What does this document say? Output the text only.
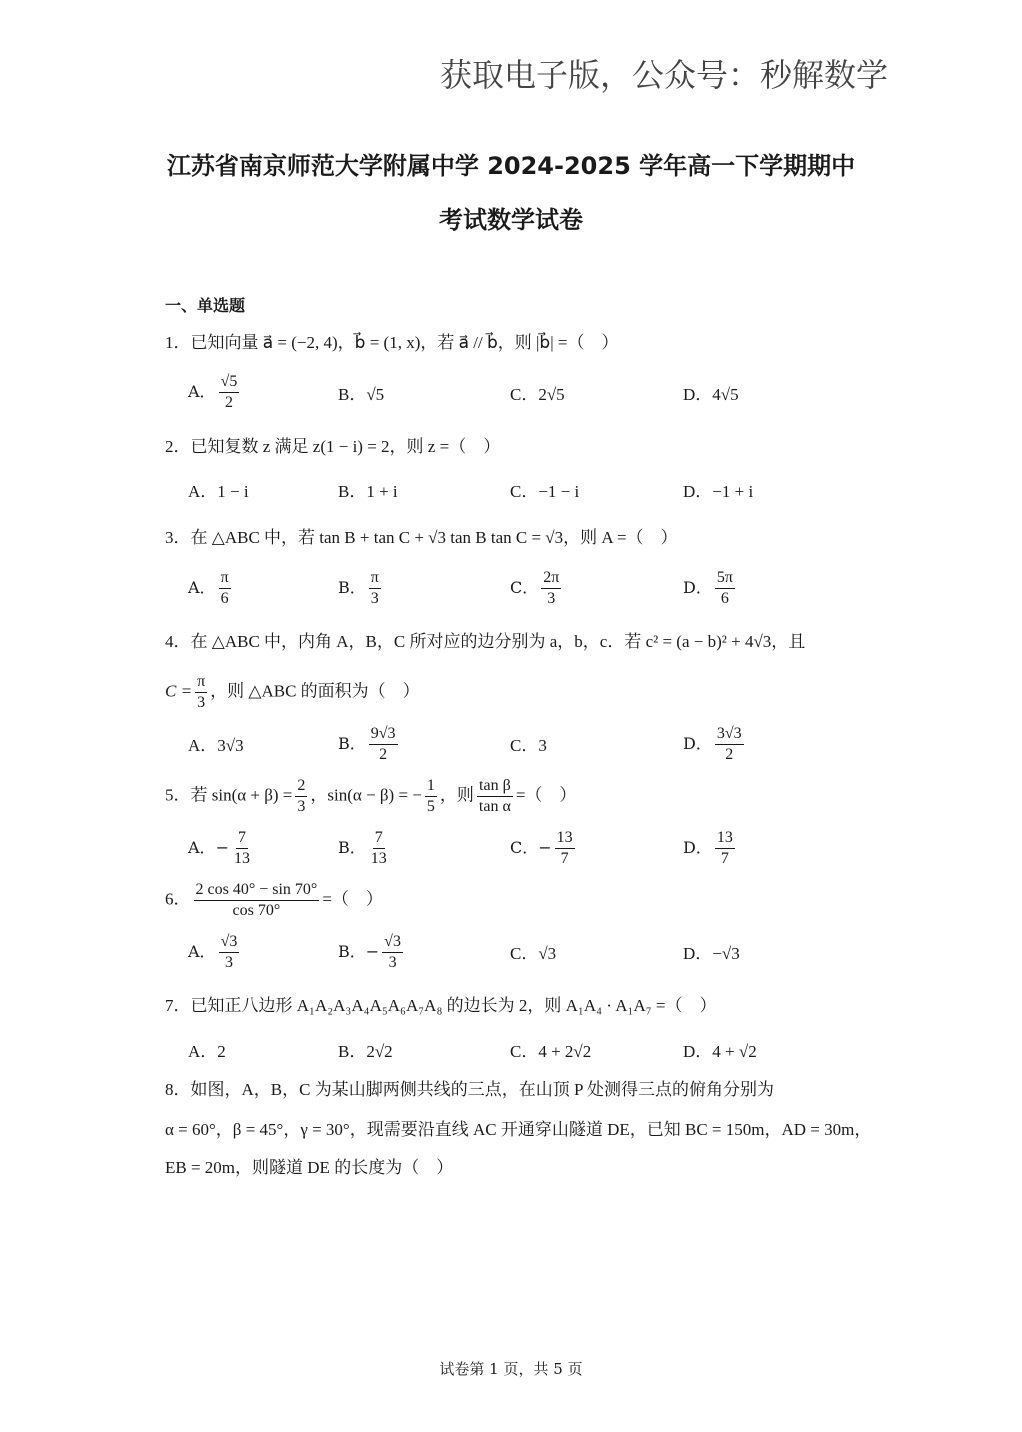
获取电子版，公众号：秒解数学
江苏省南京师范大学附属中学 2024-2025 学年高一下学期期中
考试数学试卷
一、单选题
1．已知向量 a⃗ = (−2, 4)，b⃗ = (1, x)，若 a⃗ // b⃗，则 |b⃗| =（　）
A． $\frac{√5}{2}$	B．√5	C．2√5	D．4√5
2．已知复数 z 满足 z(1 − i) = 2，则 z =（　）
A．1 − i	B．1 + i	C．−1 − i	D．−1 + i
3．在 △ABC 中，若 tan B + tan C + √3 tan B tan C = √3，则 A =（　）
A． $\frac{\pi}{6}$	B． $\frac{\pi}{3}$	C． $\frac{2\pi}{3}$	D． $\frac{5\pi}{6}$
4．在 △ABC 中，内角 A，B，C 所对应的边分别为 a，b，c．若 c² = (a − b)² + 4√3，且
$C = \frac{\pi}{3}$ ，则 △ABC 的面积为（　）
A．3√3	B． $\frac{9√3}{2}$	C．3	D． $\frac{3√3}{2}$
5．若 $\sin(\alpha + \beta) = \frac{2}{3}$ ，sin(α − β) = − $\frac{1}{5}$ ，则 $\frac{\text{tan β}}{\text{tan α}}$ =（　）
A．− $\frac{7}{13}$	B． $\frac{7}{13}$	C．− $\frac{13}{7}$	D． $\frac{13}{7}$
6． $\frac{2 \cos 40^\circ - \sin 70^\circ}{\cos 70^\circ}$ =（　）
A． $\frac{√3}{3}$	B．− $\frac{√3}{3}$	C．√3	D．−√3
7．已知正八边形 A₁A₂A₃A₄A₅A₆A₇A₈ 的边长为 2，则 A₁A₄ · A₁A₇ =（　）
A．2	B．2√2	C．4 + 2√2	D．4 + √2
8．如图，A，B，C 为某山脚两侧共线的三点，在山顶 P 处测得三点的俯角分别为
α = 60°，β = 45°，γ = 30°，现需要沿直线 AC 开通穿山隧道 DE，已知 BC = 150m，AD = 30m，
EB = 20m，则隧道 DE 的长度为（　）
试卷第 1 页，共 5 页
